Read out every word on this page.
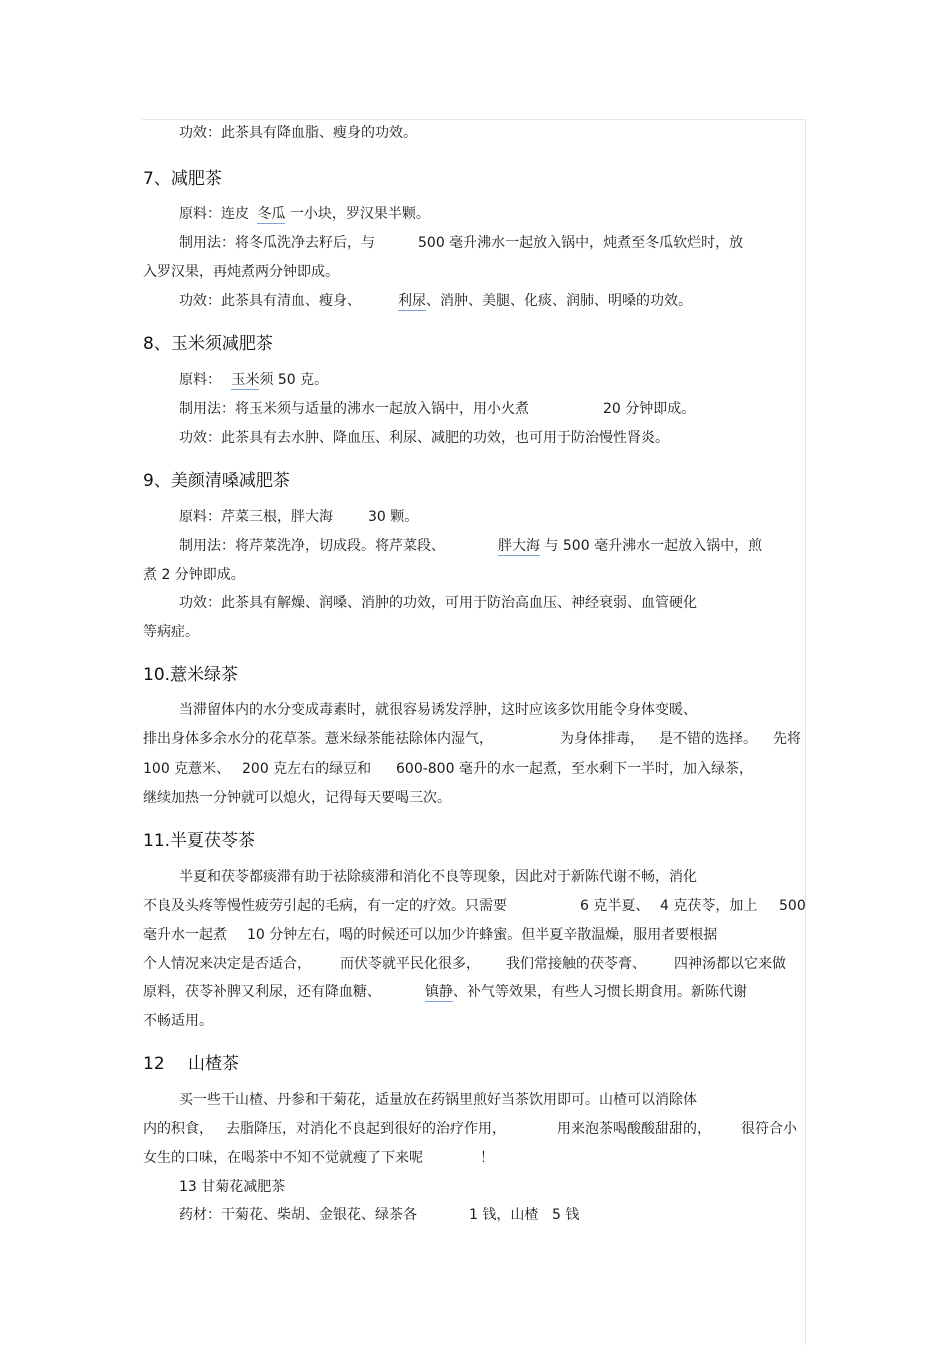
功效：此茶具有降血脂、瘦身的功效。
7、减肥茶
原料：连皮 冬瓜 一小块，罗汉果半颗。
制用法：将冬瓜洗净去籽后，与	500 毫升沸水一起放入锅中，炖煮至冬瓜软烂时，放
入罗汉果，再炖煮两分钟即成。
功效：此茶具有清血、瘦身、	利尿、消肿、美腿、化痰、润肺、明嗓的功效。
8、玉米须减肥茶
原料： 玉米须 50 克。
制用法：将玉米须与适量的沸水一起放入锅中，用小火煮	20 分钟即成。
功效：此茶具有去水肿、降血压、利尿、减肥的功效，也可用于防治慢性肾炎。
9、美颜清嗓减肥茶
原料：芹菜三根，胖大海	30 颗。
制用法：将芹菜洗净，切成段。将芹菜段、	胖大海 与 500 毫升沸水一起放入锅中，煎
煮 2 分钟即成。
功效：此茶具有解燥、润嗓、消肿的功效，可用于防治高血压、神经衰弱、血管硬化
等病症。
10.薏米绿茶
当滞留体内的水分变成毒素时，就很容易诱发浮肿，这时应该多饮用能令身体变暖、
排出身体多余水分的花草茶。薏米绿茶能祛除体内湿气，	为身体排毒， 是不错的选择。 先将
100 克薏米、 200 克左右的绿豆和 600-800 毫升的水一起煮，至水剩下一半时，加入绿茶，
继续加热一分钟就可以熄火，记得每天要喝三次。
11.半夏茯苓茶
半夏和茯苓都痰滞有助于祛除痰滞和消化不良等现象，因此对于新陈代谢不畅，消化
不良及头疼等慢性疲劳引起的毛病，有一定的疗效。只需要	6 克半夏、 4 克茯苓，加上 500
毫升水一起煮 10 分钟左右，喝的时候还可以加少许蜂蜜。但半夏辛散温燥，服用者要根据
个人情况来决定是否适合， 而伏苓就平民化很多， 我们常接触的茯苓膏、 四神汤都以它来做
原料，茯苓补脾又利尿，还有降血糖、	镇静、补气等效果，有些人习惯长期食用。新陈代谢
不畅适用。
12 山楂茶
买一些干山楂、丹参和干菊花，适量放在药锅里煎好当茶饮用即可。山楂可以消除体
内的积食， 去脂降压，对消化不良起到很好的治疗作用，	用来泡茶喝酸酸甜甜的， 很符合小
女生的口味，在喝茶中不知不觉就瘦了下来呢	！
13 甘菊花减肥茶
药材：干菊花、柴胡、金银花、绿茶各	1 钱，山楂 5 钱
